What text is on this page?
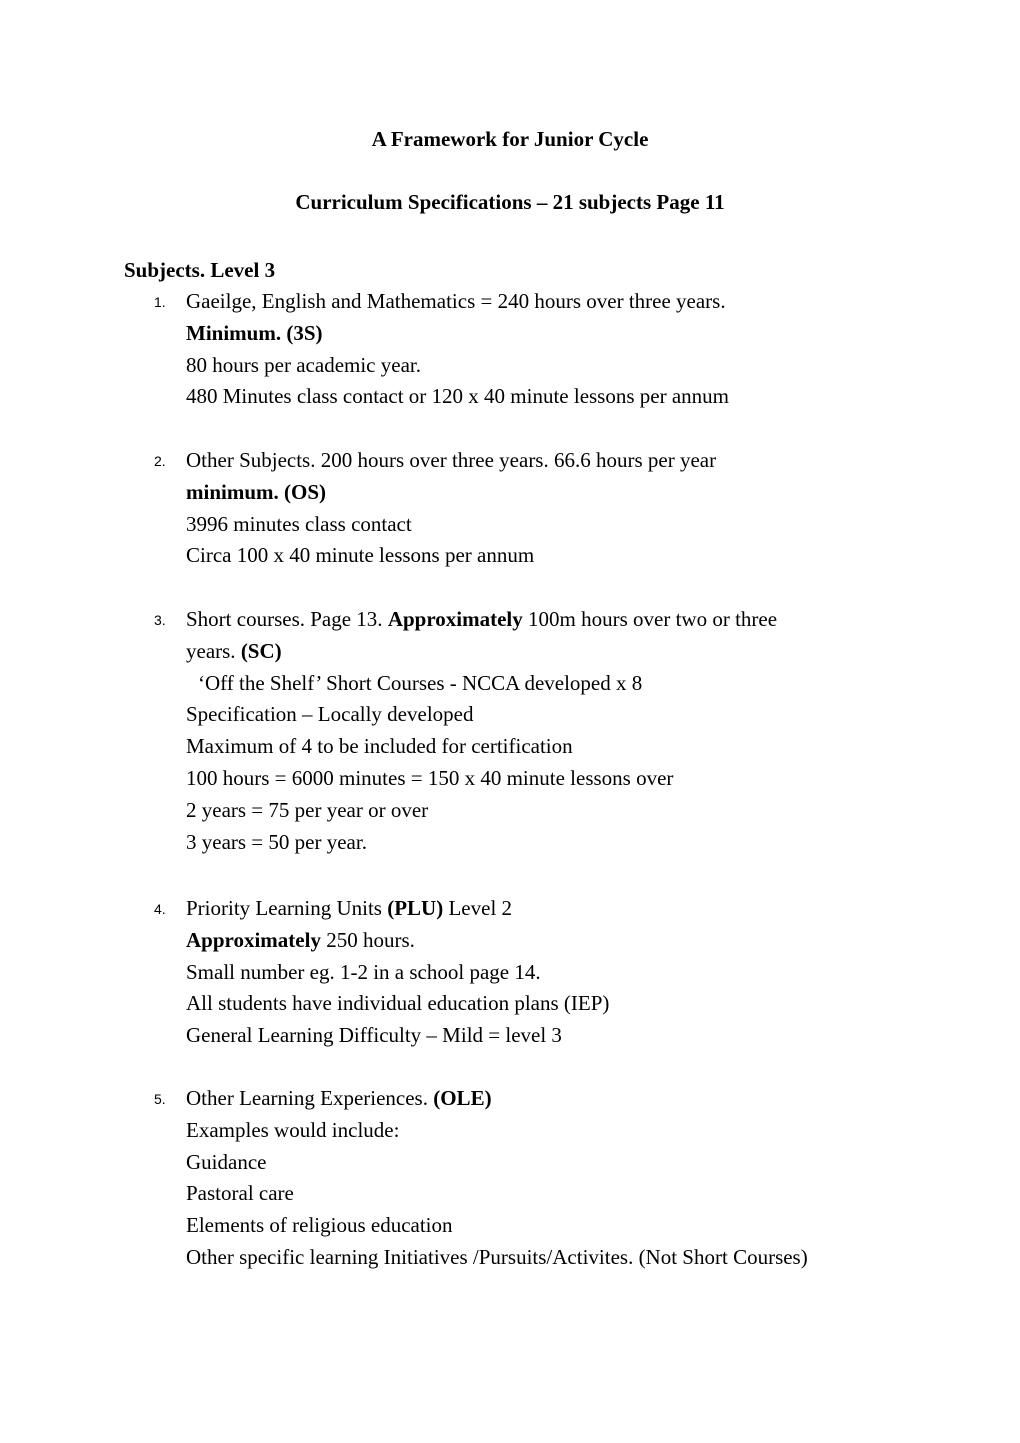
A Framework for Junior Cycle
Curriculum Specifications – 21 subjects Page 11
Subjects. Level 3
1. Gaeilge, English and Mathematics = 240 hours over three years.
Minimum. (3S)
80 hours per academic year.
480 Minutes class contact or 120 x 40 minute lessons per annum
2. Other Subjects. 200 hours over three years. 66.6 hours per year
minimum. (OS)
3996 minutes class contact
Circa 100 x 40 minute lessons per annum
3. Short courses. Page 13. Approximately 100m hours over two or three
years. (SC)
‘Off the Shelf’ Short Courses - NCCA developed x 8
Specification – Locally developed
Maximum of 4 to be included for certification
100 hours = 6000 minutes = 150 x 40 minute lessons over
2 years = 75 per year or over
3 years = 50 per year.
4. Priority Learning Units (PLU) Level 2
Approximately 250 hours.
Small number eg. 1-2 in a school page 14.
All students have individual education plans (IEP)
General Learning Difficulty – Mild = level 3
5. Other Learning Experiences. (OLE)
Examples would include:
Guidance
Pastoral care
Elements of religious education
Other specific learning Initiatives /Pursuits/Activites. (Not Short Courses)
